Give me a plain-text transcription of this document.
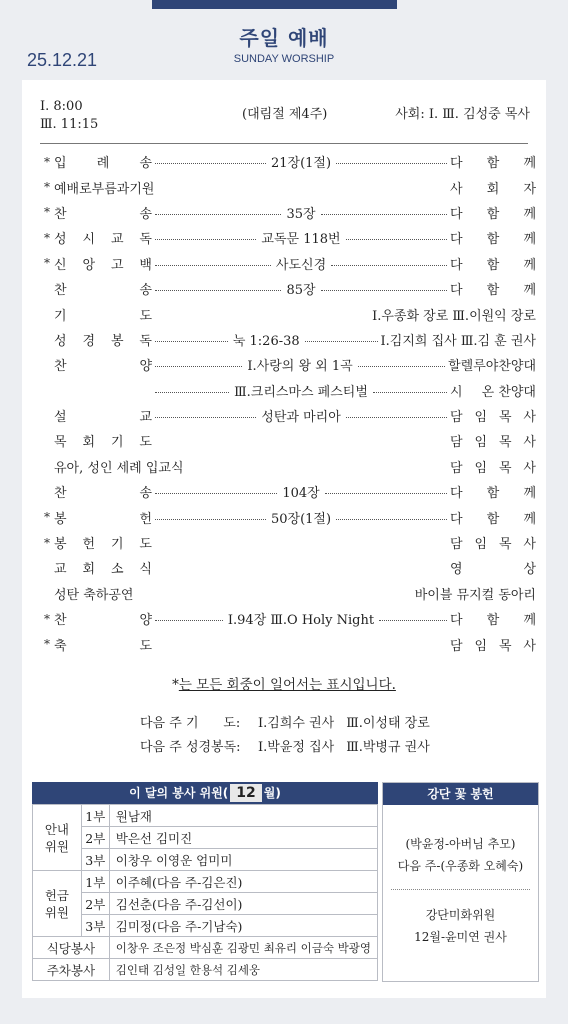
주일 예배
SUNDAY WORSHIP
25.12.21
Ⅰ. 8:00
Ⅲ. 11:15
(대림절 제4주)	사회: Ⅰ. Ⅲ. 김성중 목사
* 입 례 송	21장(1절)	다 함 께
* 예배로부름과기원	사 회 자
* 찬	송	35장	다 함 께
* 성 시 교 독	교독문 118번	다 함 께
* 신 앙 고 백	사도신경	다 함 께
찬	송	85장	다 함 께
기	도	Ⅰ.우종화 장로 Ⅲ.이원익 장로
성 경 봉 독	눅 1:26-38	Ⅰ.김지희 집사 Ⅲ.김 훈 권사
찬	양	Ⅰ.사랑의 왕 외 1곡	할렐루야찬양대
Ⅲ.크리스마스 페스티벌	시 온 찬양대
설	교	성탄과 마리아	담 임 목 사
목 회 기 도	담 임 목 사
유아, 성인 세례 입교식	담 임 목 사
찬	송	104장	다 함 께
* 봉	헌	50장(1절)	다 함 께
* 봉 헌 기 도	담 임 목 사
교 회 소 식	영	상
성탄 축하공연	바이블 뮤지컬 동아리
* 찬	양	Ⅰ.94장 Ⅲ.O Holy Night	다 함 께
* 축	도	담 임 목 사
*는 모든 회중이 일어서는 표시입니다.
다음 주 기      도: Ⅰ.김희수 권사 Ⅲ.이성태 장로
다음 주 성경봉독: Ⅰ.박윤정 집사 Ⅲ.박병규 권사
이 달의 봉사 위원( 12 월)
안내
위원	1부	원남재
	2부	박은선 김미진
	3부	이창우 이영운 엄미미
헌금
위원	1부	이주혜(다음 주-김은진)
	2부	김선춘(다음 주-김선이)
	3부	김미정(다음 주-기남숙)
식당봉사		이창우 조은정 박심훈 김광민 최유리 이금숙 박광영
주차봉사		김인태 김성일 한용석 김세웅
강단 꽃 봉헌
(박윤정-아버님 추모)
다음 주-(우종화 오혜숙)
강단미화위원
12월-윤미연 권사
